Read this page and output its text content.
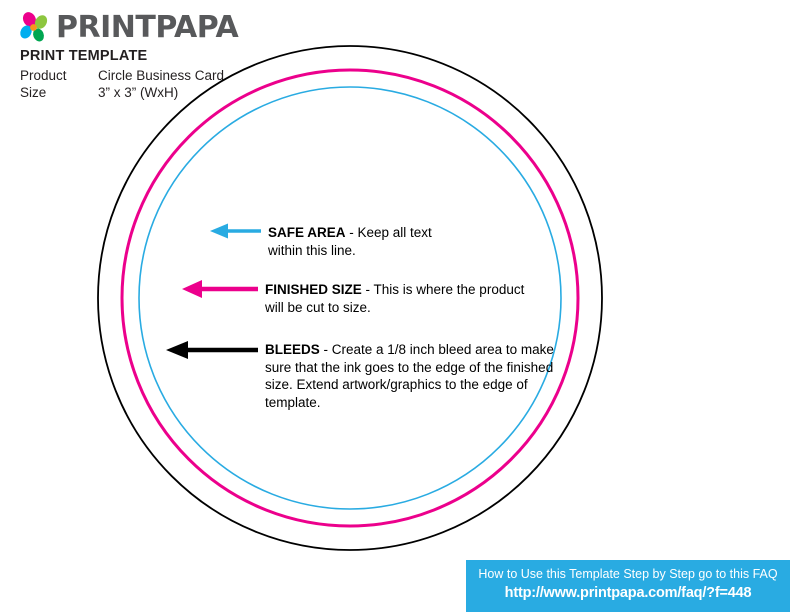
PRINTPAPA
PRINT TEMPLATE
Product	Circle Business Card
Size	3” x 3” (WxH)
SAFE AREA - Keep all text within this line.
FINISHED SIZE - This is where the product will be cut to size.
BLEEDS - Create a 1/8 inch bleed area to make sure that the ink goes to the edge of the finished size. Extend artwork/graphics to the edge of template.
How to Use this Template Step by Step go to this FAQ
http://www.printpapa.com/faq/?f=448
